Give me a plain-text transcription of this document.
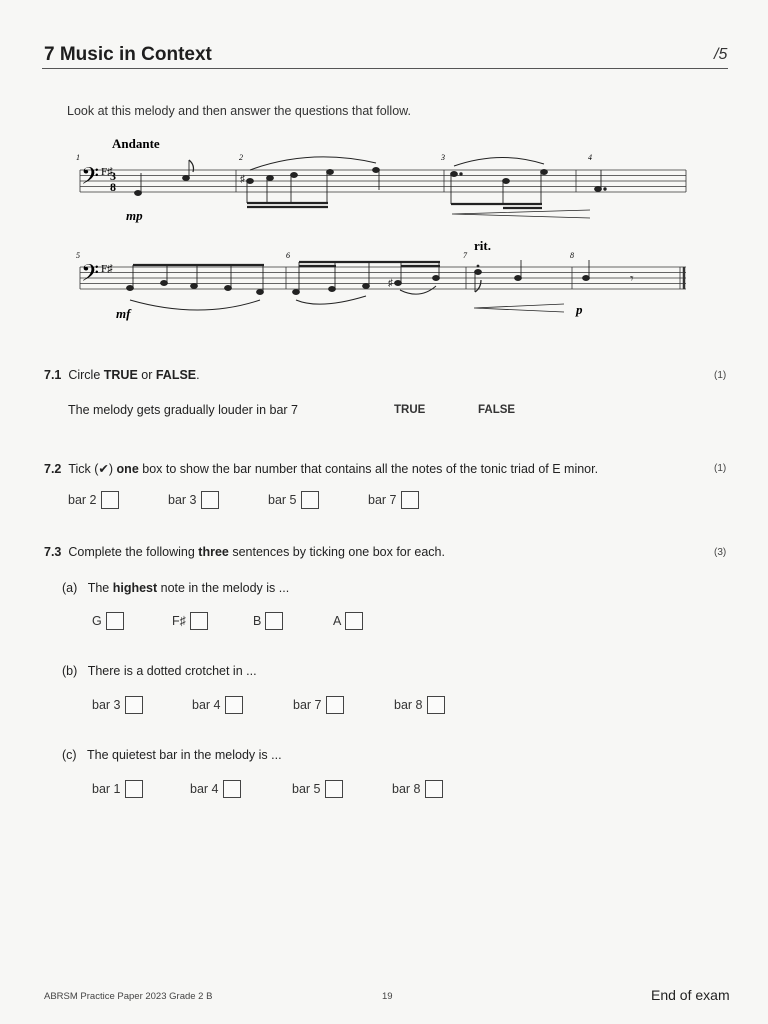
7 Music in Context	/5
Look at this melody and then answer the questions that follow.
Andante
rit.
1	2	3	4
5	6	7	8
𝄢
𝄢
F♯
F♯
3
8
♯
♯	𝄾
mp
mf	p
7.1 Circle TRUE or FALSE.	(1)
The melody gets gradually louder in bar 7	TRUE	FALSE
7.2 Tick (✔) one box to show the bar number that contains all the notes of the tonic triad of E minor.	(1)
bar 2	bar 3	bar 5	bar 7
7.3 Complete the following three sentences by ticking one box for each.	(3)
(a) The highest note in the melody is ...
G	F♯	B	A
(b) There is a dotted crotchet in ...
bar 3	bar 4	bar 7	bar 8
(c) The quietest bar in the melody is ...
bar 1	bar 4	bar 5	bar 8
ABRSM Practice Paper 2023 Grade 2 B	19	End of exam
